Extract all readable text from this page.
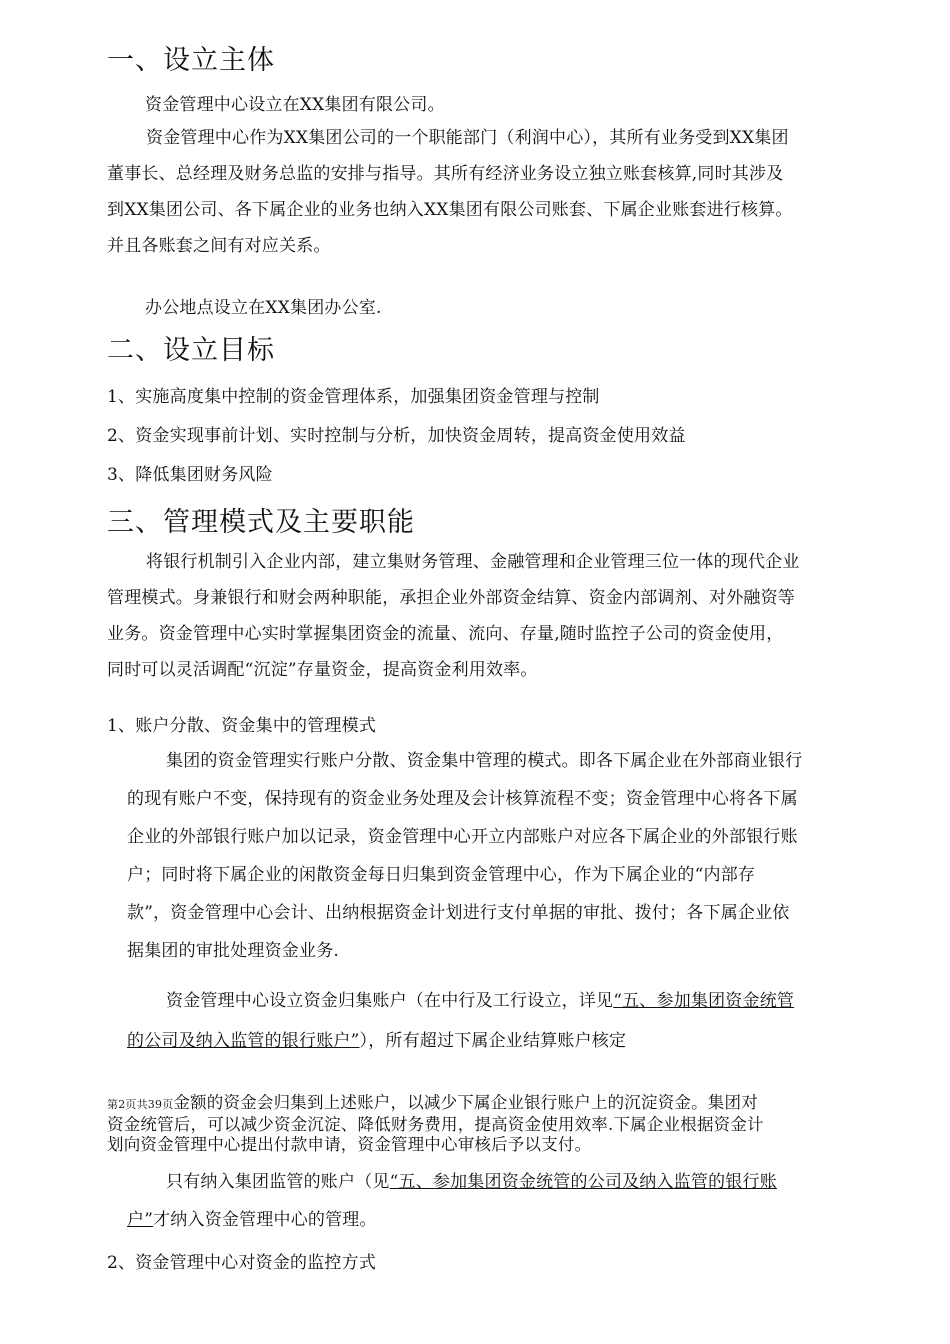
一、设立主体
资金管理中心设立在XX集团有限公司。
资金管理中心作为XX集团公司的一个职能部门（利润中心），其所有业务受到XX集团
董事长、总经理及财务总监的安排与指导。其所有经济业务设立独立账套核算,同时其涉及
到XX集团公司、各下属企业的业务也纳入XX集团有限公司账套、下属企业账套进行核算。
并且各账套之间有对应关系。
办公地点设立在XX集团办公室.
二、设立目标
1、实施高度集中控制的资金管理体系，加强集团资金管理与控制
2、资金实现事前计划、实时控制与分析，加快资金周转，提高资金使用效益
3、降低集团财务风险
三、管理模式及主要职能
将银行机制引入企业内部，建立集财务管理、金融管理和企业管理三位一体的现代企业
管理模式。身兼银行和财会两种职能，承担企业外部资金结算、资金内部调剂、对外融资等
业务。资金管理中心实时掌握集团资金的流量、流向、存量,随时监控子公司的资金使用，
同时可以灵活调配“沉淀”存量资金，提高资金利用效率。
1、账户分散、资金集中的管理模式
集团的资金管理实行账户分散、资金集中管理的模式。即各下属企业在外部商业银行
的现有账户不变，保持现有的资金业务处理及会计核算流程不变；资金管理中心将各下属
企业的外部银行账户加以记录，资金管理中心开立内部账户对应各下属企业的外部银行账
户；同时将下属企业的闲散资金每日归集到资金管理中心，作为下属企业的“内部存
款”，资金管理中心会计、出纳根据资金计划进行支付单据的审批、拨付；各下属企业依
据集团的审批处理资金业务.
资金管理中心设立资金归集账户（在中行及工行设立，详见“五、参加集团资金统管
的公司及纳入监管的银行账户”），所有超过下属企业结算账户核定
第2页共39页金额的资金会归集到上述账户，以减少下属企业银行账户上的沉淀资金。集团对
资金统管后，可以减少资金沉淀、降低财务费用，提高资金使用效率.下属企业根据资金计
划向资金管理中心提出付款申请，资金管理中心审核后予以支付。
只有纳入集团监管的账户（见“五、参加集团资金统管的公司及纳入监管的银行账
户”才纳入资金管理中心的管理。
2、资金管理中心对资金的监控方式
